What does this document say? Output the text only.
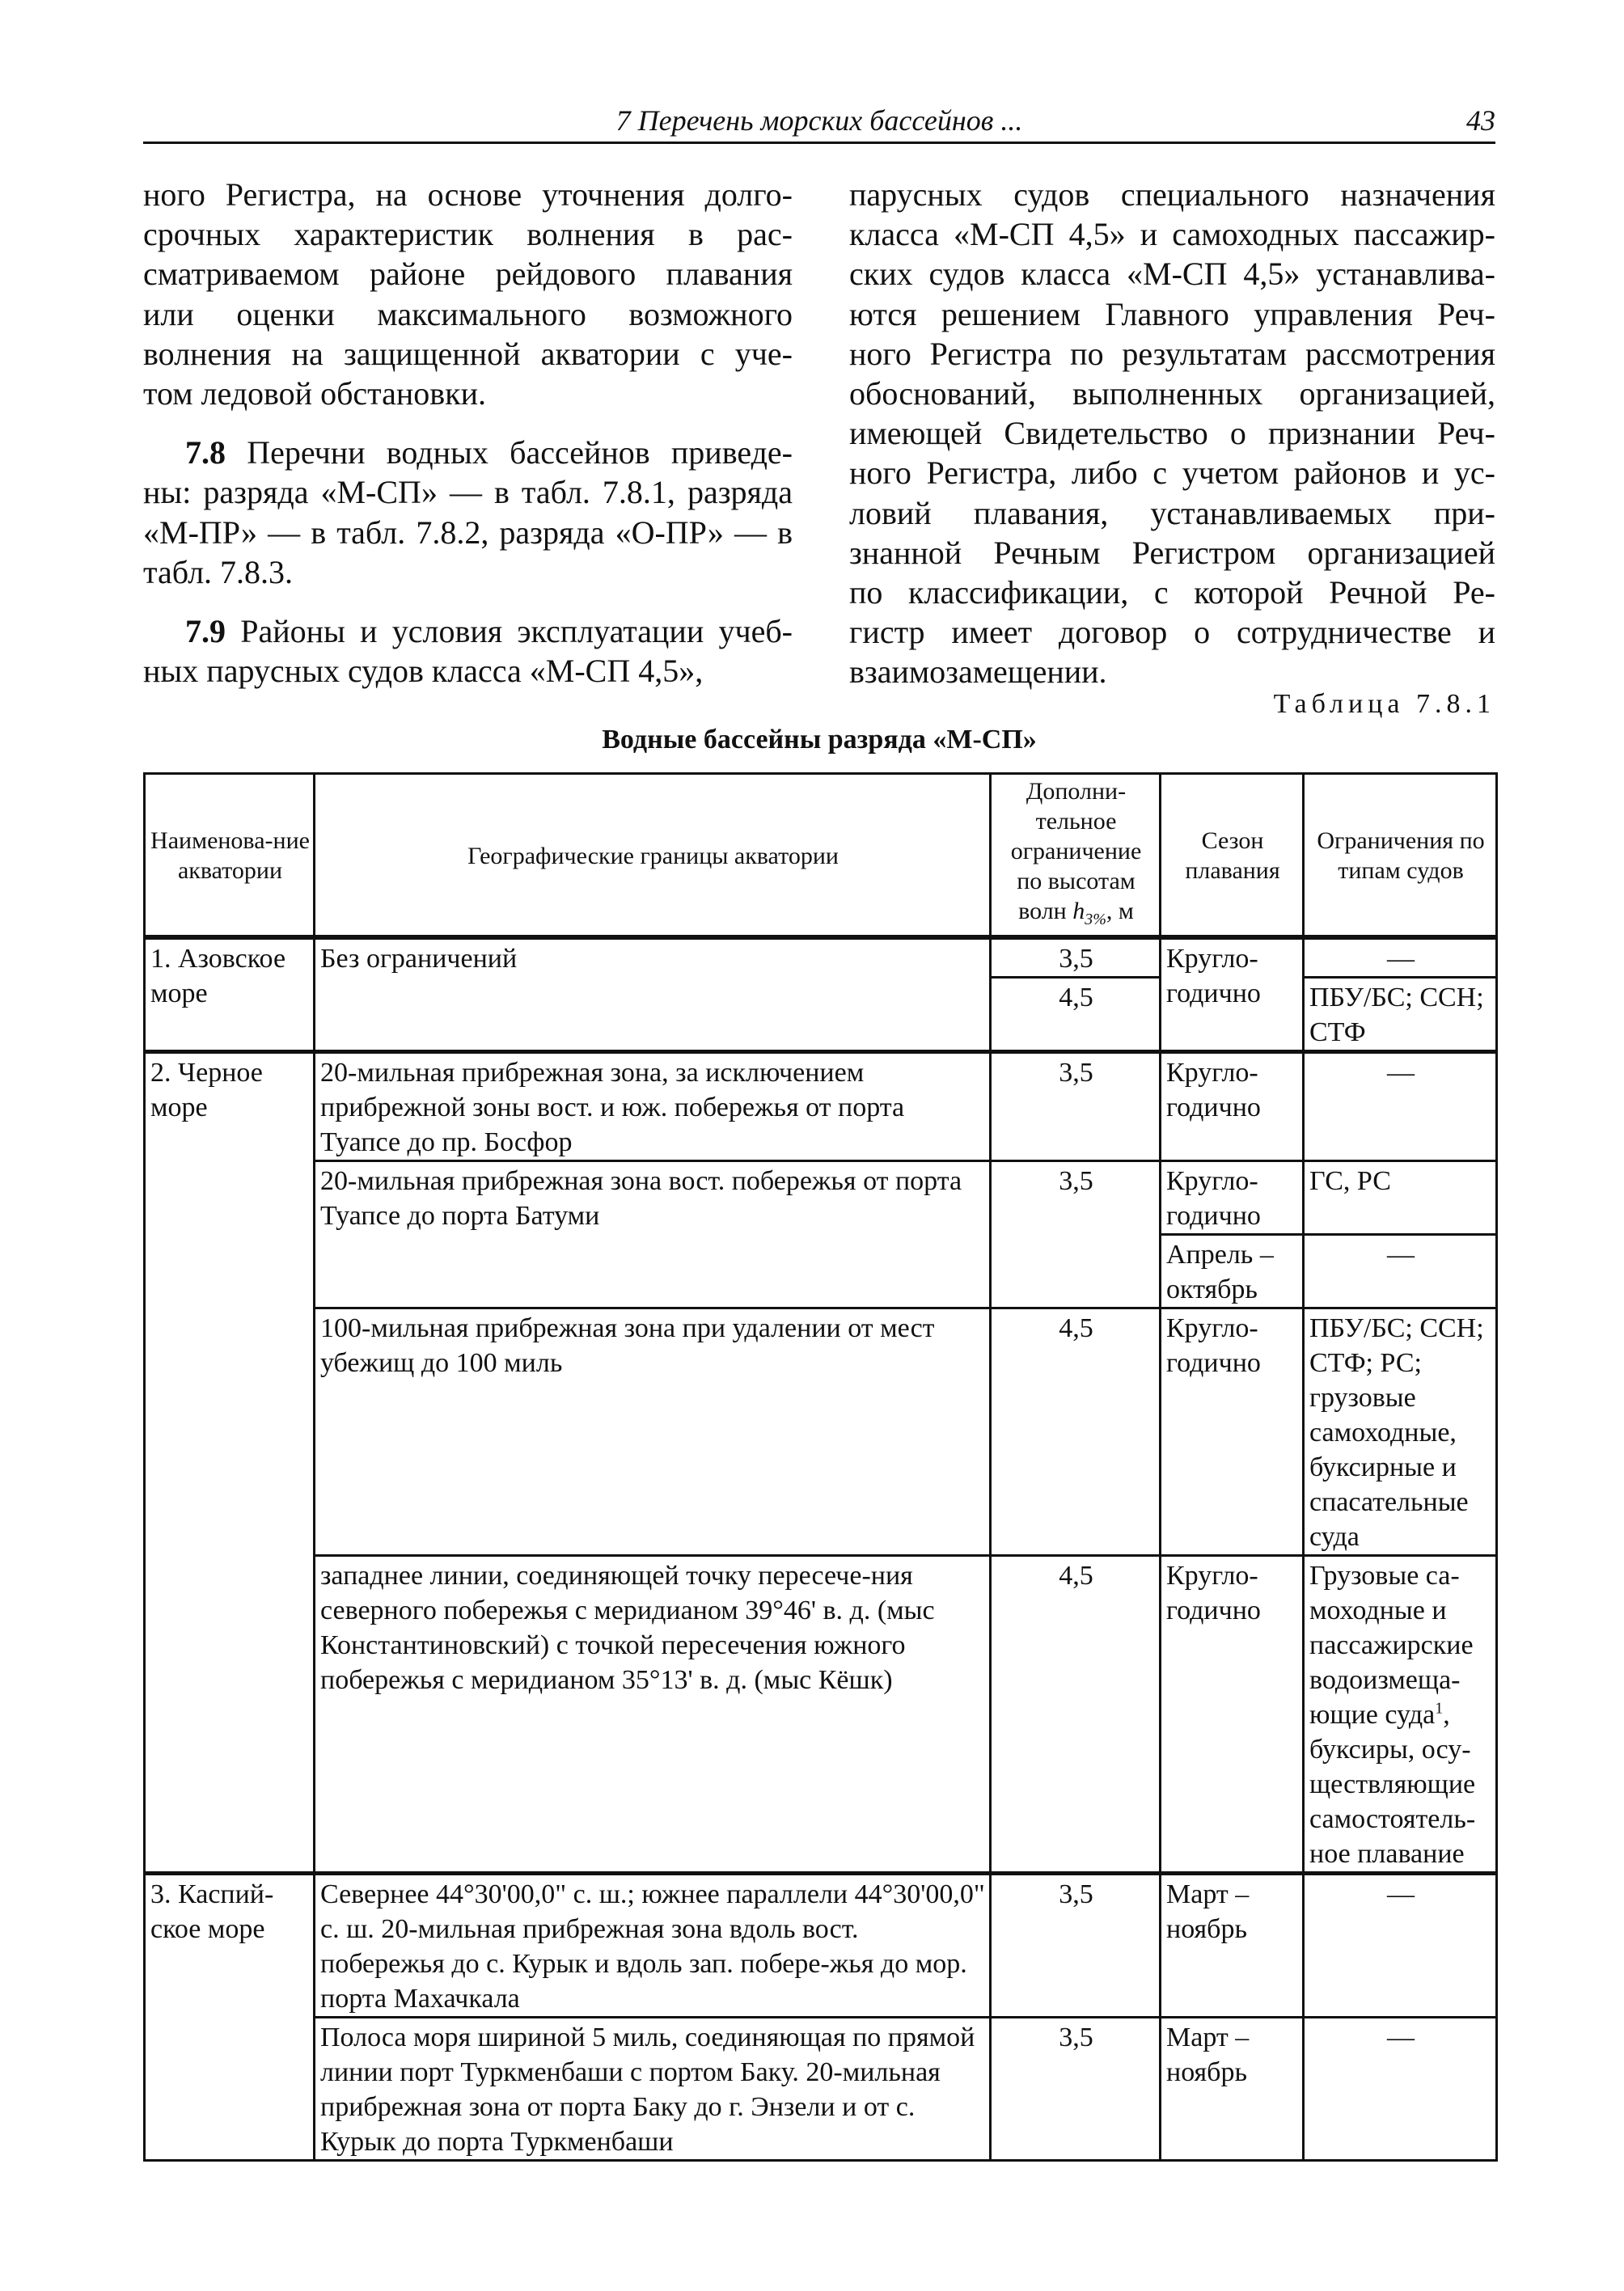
7 Перечень морских бассейнов ...	43
ного Регистра, на основе уточнения долго-
срочных характеристик волнения в рас-
сматриваемом районе рейдового плавания
или оценки максимального возможного
волнения на защищенной акватории с уче-
том ледовой обстановки.
7.8 Перечни водных бассейнов приведе-
ны: разряда «М-СП» — в табл. 7.8.1, разряда
«М-ПР» — в табл. 7.8.2, разряда «О-ПР» — в
табл. 7.8.3.
7.9 Районы и условия эксплуатации учеб-
ных парусных судов класса «М-СП 4,5»,
парусных судов специального назначения
класса «М-СП 4,5» и самоходных пассажир-
ских судов класса «М-СП 4,5» устанавлива-
ются решением Главного управления Реч-
ного Регистра по результатам рассмотрения
обоснований, выполненных организацией,
имеющей Свидетельство о признании Реч-
ного Регистра, либо с учетом районов и ус-
ловий плавания, устанавливаемых при-
знанной Речным Регистром организацией
по классификации, с которой Речной Ре-
гистр имеет договор о сотрудничестве и
взаимозамещении.
Таблица 7.8.1
Водные бассейны разряда «М-СП»
Наименова-ние акватории	Географические границы акватории	Дополни-тельное ограничение по высотам волн $h_{3\%}$, м	Сезон плавания	Ограничения по типам судов
1. Азовское море	Без ограничений	3,5	Кругло-годично	—
		4,5		ПБУ/БС; ССН; СТФ
2. Черное море	20-мильная прибрежная зона, за исключением прибрежной зоны вост. и юж. побережья от порта Туапсе до пр. Босфор	3,5	Кругло-годично	—
	20-мильная прибрежная зона вост. побережья от порта Туапсе до порта Батуми	3,5	Кругло-годично	ГС, РС
			Апрель – октябрь	—
	100-мильная прибрежная зона при удалении от мест убежищ до 100 миль	4,5	Кругло-годично	ПБУ/БС; ССН; СТФ; РС; грузовые самоходные, буксирные и спасательные суда
	западнее линии, соединяющей точку пересече-ния северного побережья с меридианом 39°46' в. д. (мыс Константиновский) с точкой пересечения южного побережья с меридианом 35°13' в. д. (мыс Кёшк)	4,5	Кругло-годично	Грузовые са-моходные и пассажирские водоизмеща-ющие суда$^1$, буксиры, осу-ществляющие самостоятель-ное плавание
3. Каспий-ское море	Севернее 44°30'00,0" с. ш.; южнее параллели 44°30'00,0" с. ш. 20-мильная прибрежная зона вдоль вост. побережья до с. Курык и вдоль зап. побере-жья до мор. порта Махачкала	3,5	Март – ноябрь	—
	Полоса моря шириной 5 миль, соединяющая по прямой линии порт Туркменбаши с портом Баку. 20-мильная прибрежная зона от порта Баку до г. Энзели и от с. Курык до порта Туркменбаши	3,5	Март – ноябрь	—
